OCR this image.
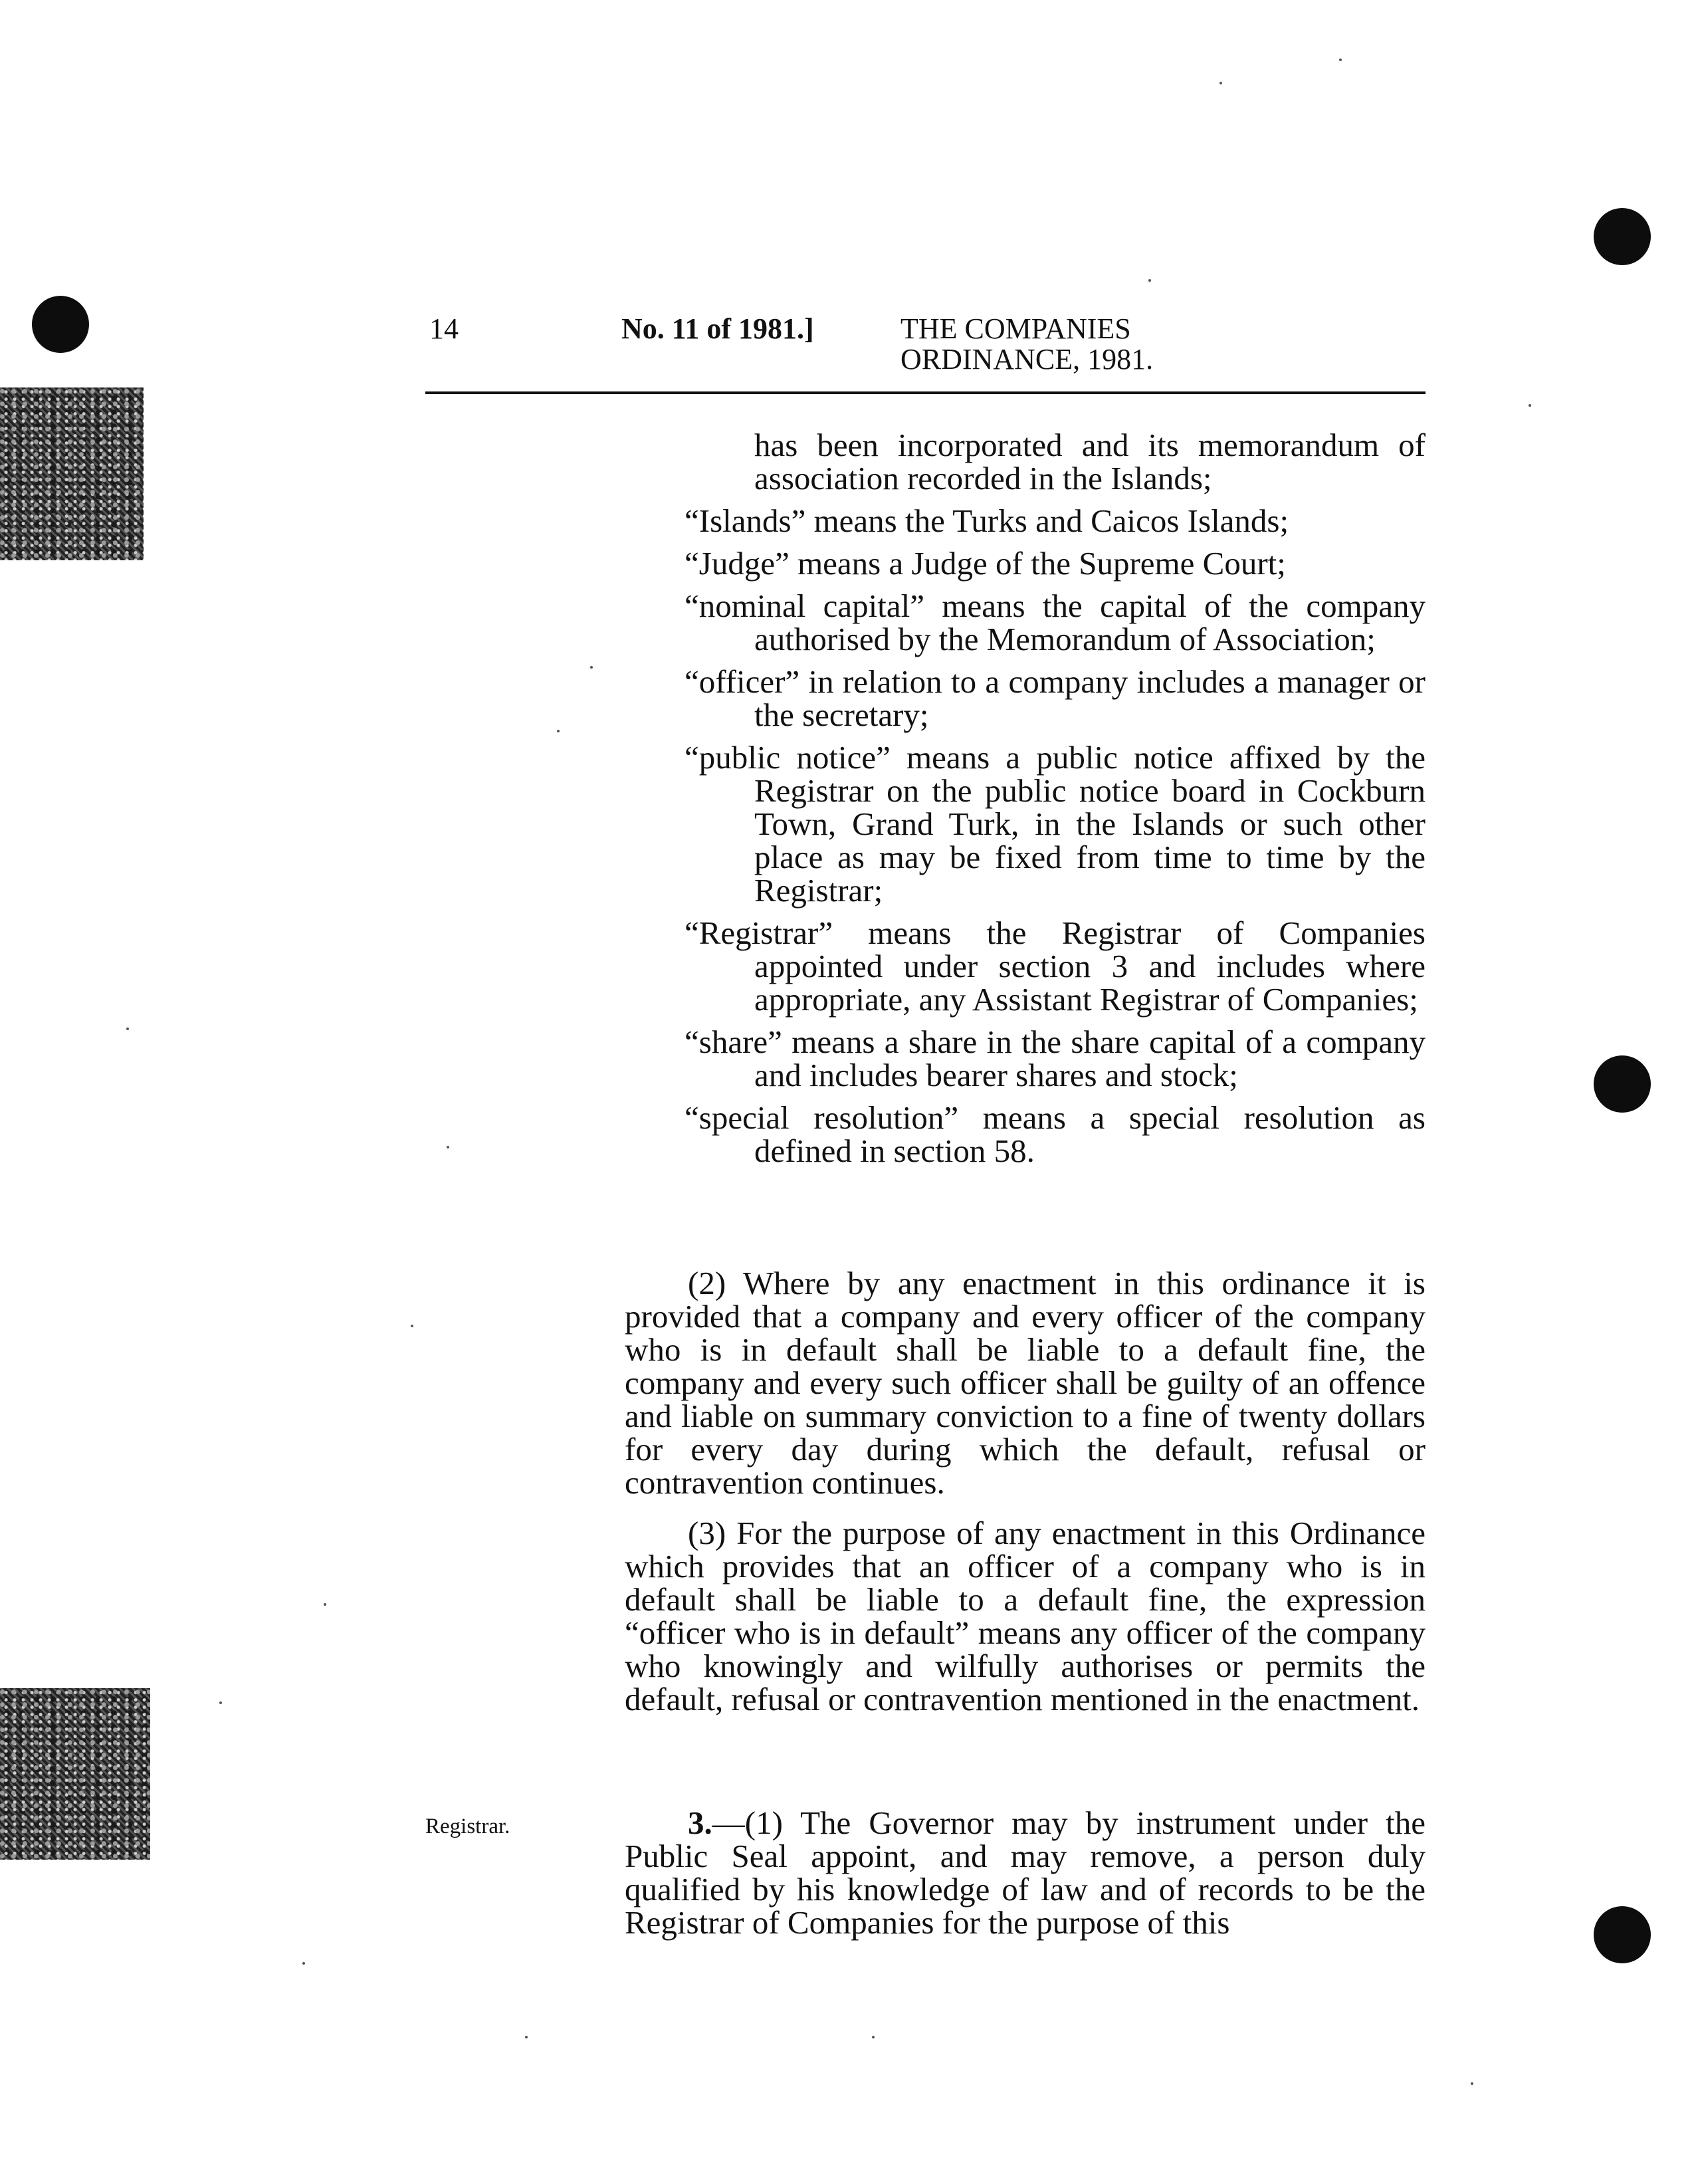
14	No. 11 of 1981.]	THE COMPANIES
ORDINANCE, 1981.
has been incorporated and its memorandum of association recorded in the Islands;
“Islands” means the Turks and Caicos Islands;
“Judge” means a Judge of the Supreme Court;
“nominal capital” means the capital of the company authorised by the Memorandum of Association;
“officer” in relation to a company includes a manager or the secretary;
“public notice” means a public notice affixed by the Registrar on the public notice board in Cockburn Town, Grand Turk, in the Islands or such other place as may be fixed from time to time by the Registrar;
“Registrar” means the Registrar of Companies appointed under section 3 and includes where appropriate, any Assistant Registrar of Companies;
“share” means a share in the share capital of a company and includes bearer shares and stock;
“special resolution” means a special resolution as defined in section 58.

(2) Where by any enactment in this ordinance it is provided that a company and every officer of the company who is in default shall be liable to a default fine, the company and every such officer shall be guilty of an offence and liable on summary conviction to a fine of twenty dollars for every day during which the default, refusal or contravention continues.

(3) For the purpose of any enactment in this Ordinance which provides that an officer of a company who is in default shall be liable to a default fine, the expression “officer who is in default” means any officer of the company who knowingly and wilfully authorises or permits the default, refusal or contravention mentioned in the enactment.

Registrar.	3.—(1) The Governor may by instrument under the Public Seal appoint, and may remove, a person duly qualified by his knowledge of law and of records to be the Registrar of Companies for the purpose of this
